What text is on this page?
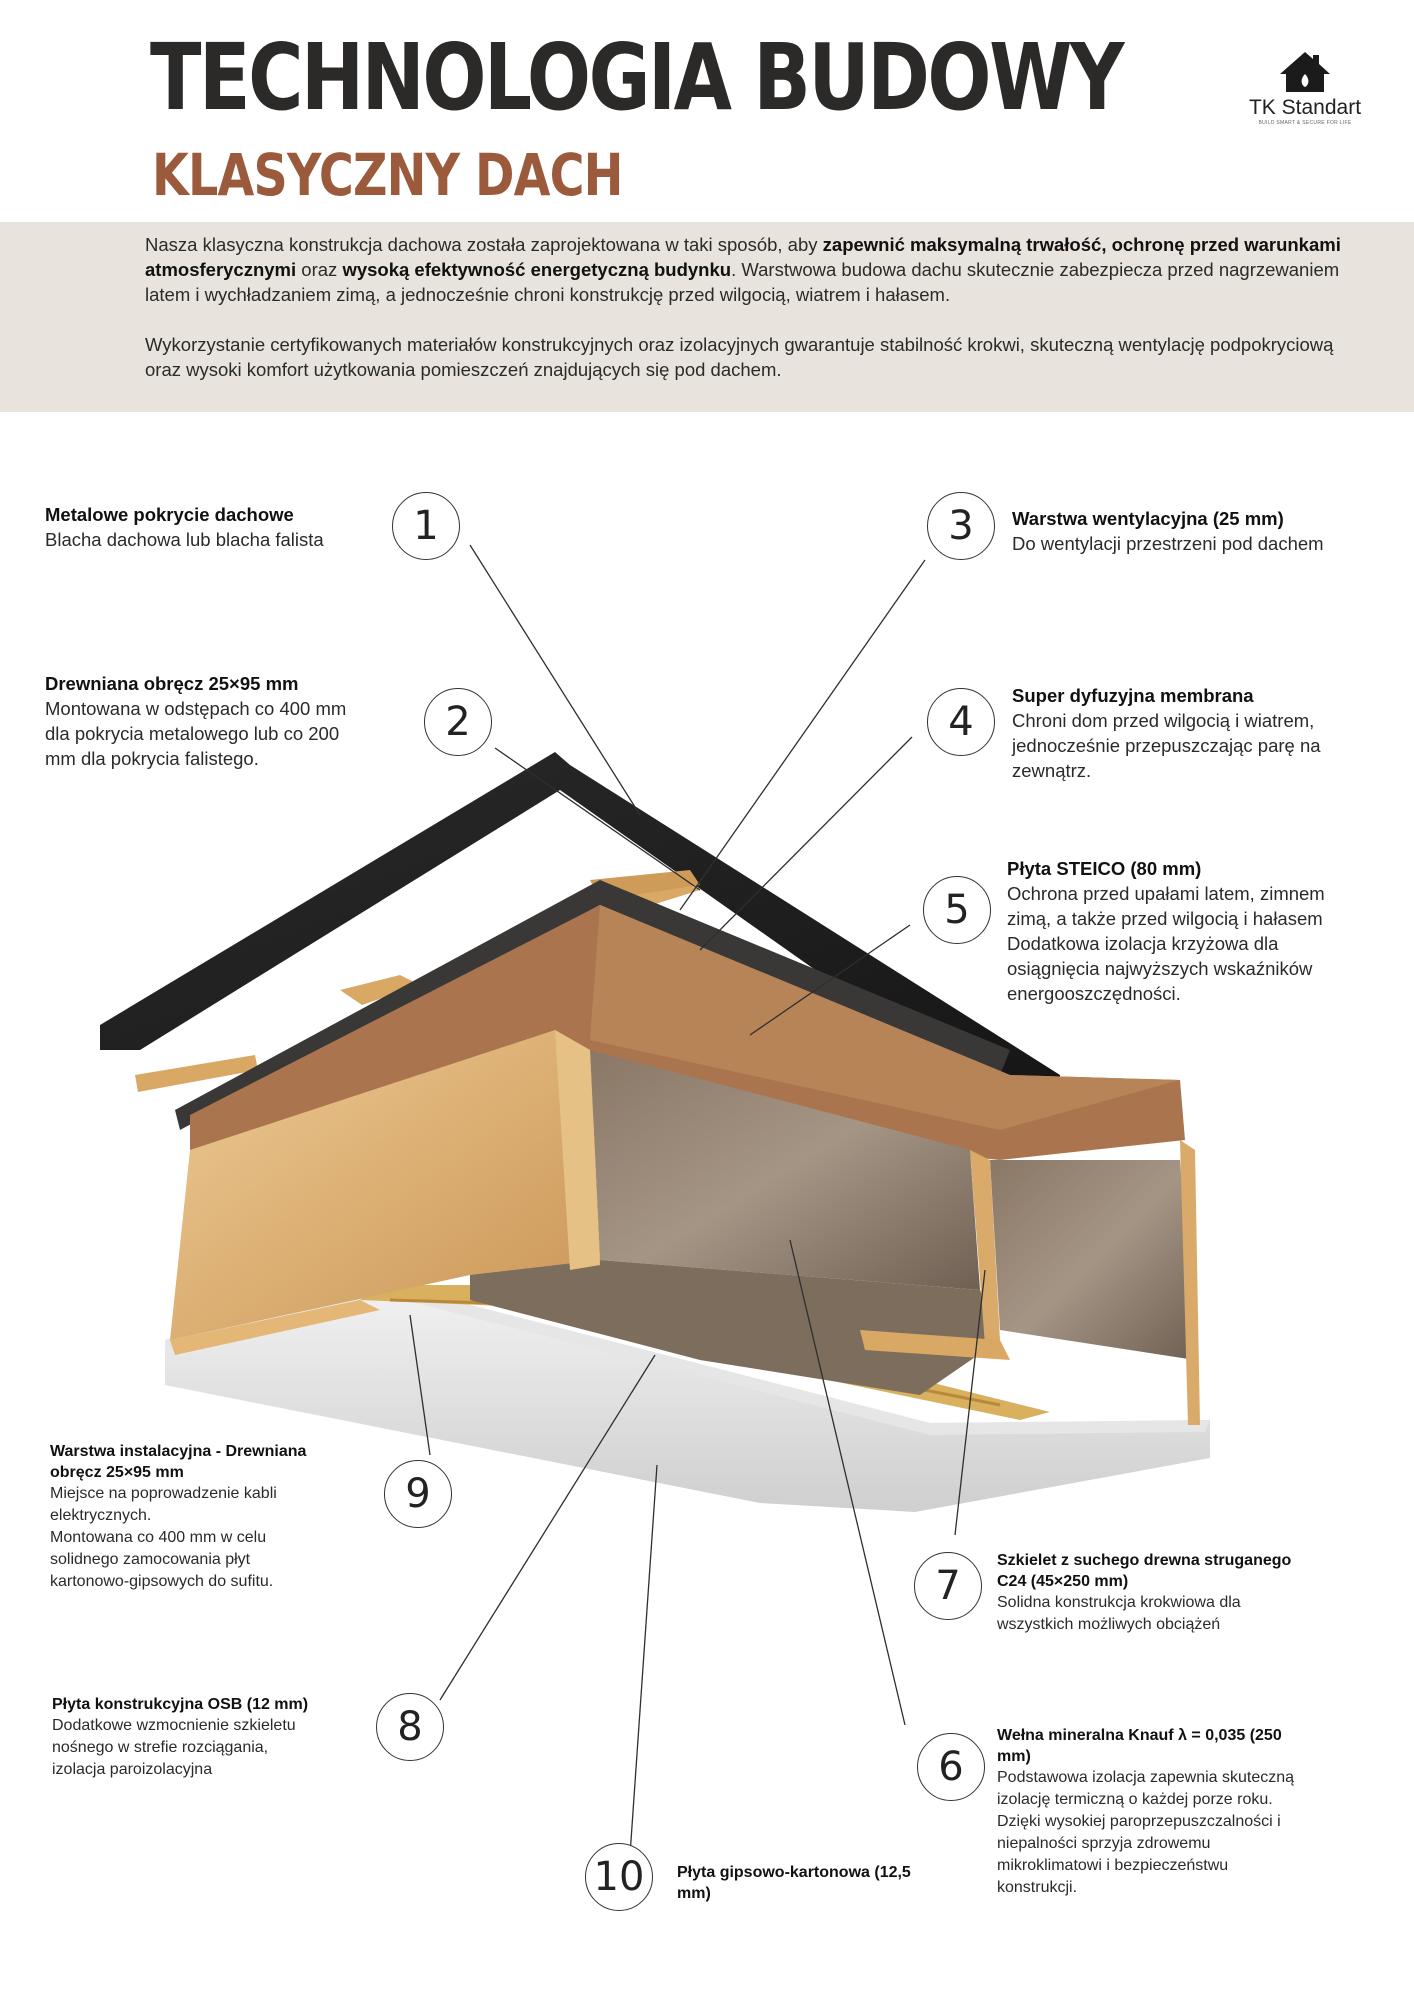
TECHNOLOGIA BUDOWY
KLASYCZNY DACH
TK Standart
BUILD SMART & SECURE FOR LIFE

Nasza klasyczna konstrukcja dachowa została zaprojektowana w taki sposób, aby zapewnić maksymalną trwałość, ochronę przed warunkami atmosferycznymi oraz wysoką efektywność energetyczną budynku. Warstwowa budowa dachu skutecznie zabezpiecza przed nagrzewaniem latem i wychładzaniem zimą, a jednocześnie chroni konstrukcję przed wilgocią, wiatrem i hałasem.

Wykorzystanie certyfikowanych materiałów konstrukcyjnych oraz izolacyjnych gwarantuje stabilność krokwi, skuteczną wentylację podpokryciową oraz wysoki komfort użytkowania pomieszczeń znajdujących się pod dachem.

1
Metalowe pokrycie dachowe
Blacha dachowa lub blacha falista
2
Drewniana obręcz 25×95 mm
Montowana w odstępach co 400 mm
dla pokrycia metalowego lub co 200
mm dla pokrycia falistego.
3	Warstwa wentylacyjna (25 mm)
Do wentylacji przestrzeni pod dachem
4
Super dyfuzyjna membrana
Chroni dom przed wilgocią i wiatrem,
jednocześnie przepuszczając parę na
zewnątrz.
5
Płyta STEICO (80 mm)
Ochrona przed upałami latem, zimnem
zimą, a także przed wilgocią i hałasem
Dodatkowa izolacja krzyżowa dla
osiągnięcia najwyższych wskaźników
energooszczędności.
6
Wełna mineralna Knauf λ = 0,035 (250
mm)
Podstawowa izolacja zapewnia skuteczną
izolację termiczną o każdej porze roku.
Dzięki wysokiej paroprzepuszczalności i
niepalności sprzyja zdrowemu
mikroklimatowi i bezpieczeństwu
konstrukcji.
7
Szkielet z suchego drewna struganego
C24 (45×250 mm)
Solidna konstrukcja krokwiowa dla
wszystkich możliwych obciążeń
8
Płyta konstrukcyjna OSB (12 mm)
Dodatkowe wzmocnienie szkieletu
nośnego w strefie rozciągania,
izolacja paroizolacyjna
9
Warstwa instalacyjna - Drewniana
obręcz 25×95 mm
Miejsce na poprowadzenie kabli
elektrycznych.
Montowana co 400 mm w celu
solidnego zamocowania płyt
kartonowo-gipsowych do sufitu.
10	Płyta gipsowo-kartonowa (12,5
mm)
